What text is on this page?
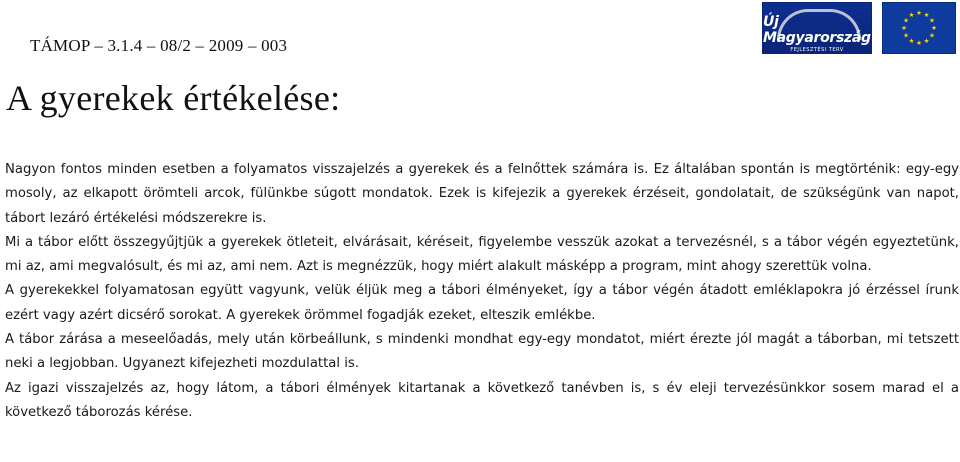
TÁMOP – 3.1.4 – 08/2 – 2009 – 003
Új Magyarország
FEJLESZTÉSI TERV
★ ★
★
★
★
★
★
★
★
★
★
★
A gyerekek értékelése:

Nagyon fontos minden esetben a folyamatos visszajelzés a gyerekek és a felnőttek számára is. Ez általában spontán is megtörténik: egy-egy mosoly, az elkapott örömteli arcok, fülünkbe súgott mondatok. Ezek is kifejezik a gyerekek érzéseit, gondolatait, de szükségünk van napot, tábort lezáró értékelési módszerekre is.

Mi a tábor előtt összegyűjtjük a gyerekek ötleteit, elvárásait, kéréseit, figyelembe vesszük azokat a tervezésnél, s a tábor végén egyeztetünk, mi az, ami megvalósult, és mi az, ami nem. Azt is megnézzük, hogy miért alakult másképp a program, mint ahogy szerettük volna.

A gyerekekkel folyamatosan együtt vagyunk, velük éljük meg a tábori élményeket, így a tábor végén átadott emléklapokra jó érzéssel írunk ezért vagy azért dicsérő sorokat. A gyerekek örömmel fogadják ezeket, elteszik emlékbe.

A tábor zárása a meseelőadás, mely után körbeállunk, s mindenki mondhat egy-egy mondatot, miért érezte jól magát a táborban, mi tetszett neki a legjobban. Ugyanezt kifejezheti mozdulattal is.

Az igazi visszajelzés az, hogy látom, a tábori élmények kitartanak a következő tanévben is, s év eleji tervezésünkkor sosem marad el a következő táborozás kérése.
